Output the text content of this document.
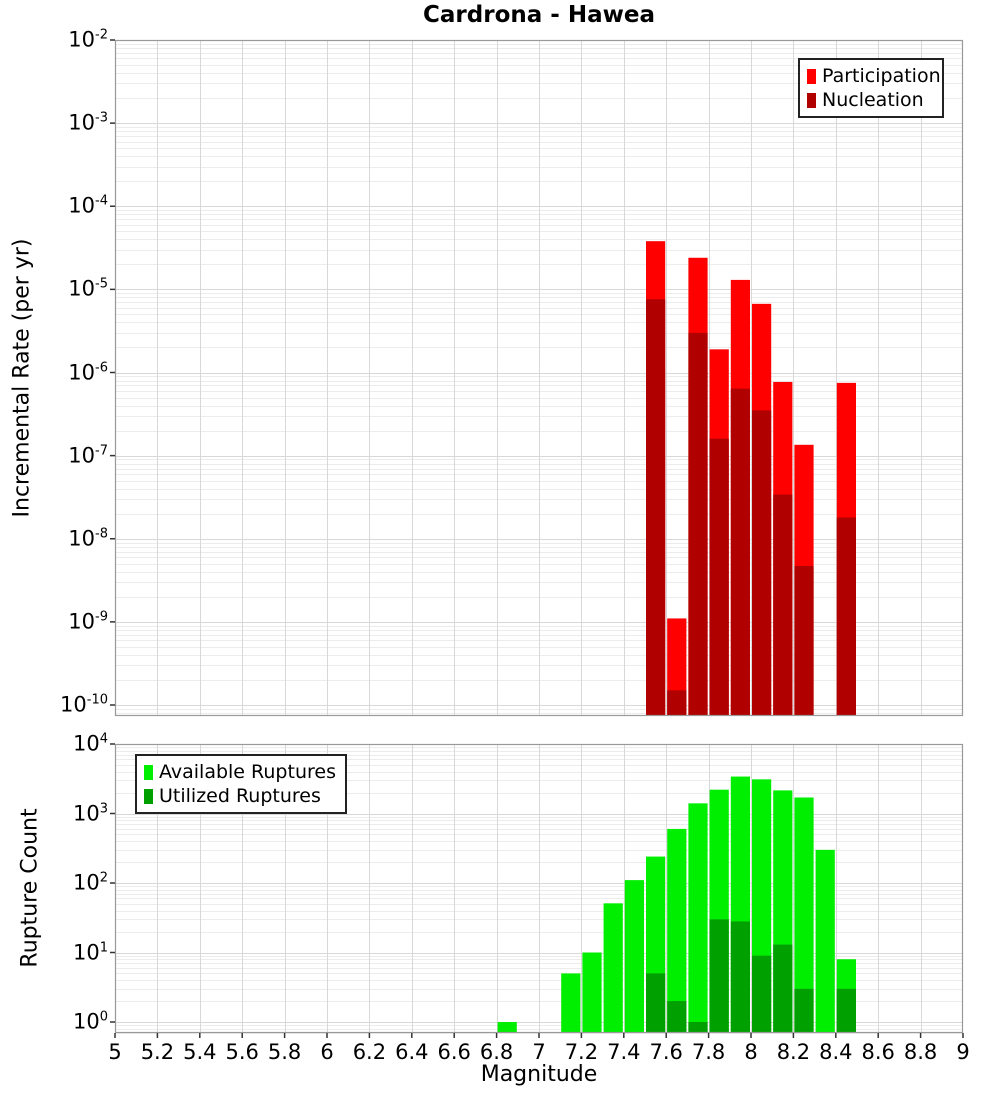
Cardrona - Hawea
Incremental Rate (per yr)
Rupture Count
Magnitude
Participation
Nucleation
Available Ruptures
Utilized Ruptures
$10^{-2}$
$10^{-3}$
$10^{-4}$
$10^{-5}$
$10^{-6}$
$10^{-7}$
$10^{-8}$
$10^{-9}$
$10^{-10}$
$10^4$
$10^3$
$10^2$
$10^1$
$10^0$
5 5.2 5.4 5.6 5.8 6 6.2 6.4 6.6 6.8 7 7.2 7.4 7.6 7.8 8 8.2 8.4 8.6 8.8 9
